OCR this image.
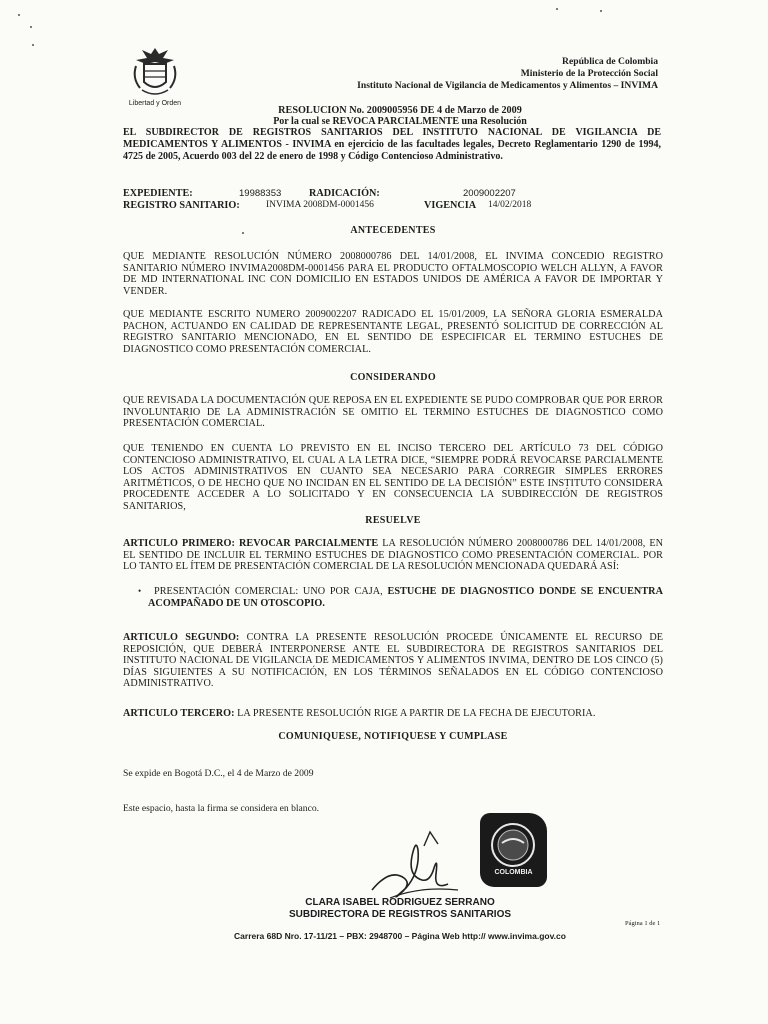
Libertad y Orden
República de Colombia
Ministerio de la Protección Social
Instituto Nacional de Vigilancia de Medicamentos y Alimentos – INVIMA
RESOLUCION No. 2009005956 DE 4 de Marzo de 2009
Por la cual se REVOCA PARCIALMENTE una Resolución
EL SUBDIRECTOR DE REGISTROS SANITARIOS DEL INSTITUTO NACIONAL DE VIGILANCIA DE MEDICAMENTOS Y ALIMENTOS - INVIMA en ejercicio de las facultades legales, Decreto Reglamentario 1290 de 1994, 4725 de 2005, Acuerdo 003 del 22 de enero de 1998 y Código Contencioso Administrativo.
EXPEDIENTE:	19988353	RADICACIÓN:	2009002207
REGISTRO SANITARIO:	INVIMA 2008DM-0001456	VIGENCIA 14/02/2018
ANTECEDENTES
QUE MEDIANTE RESOLUCIÓN NÚMERO 2008000786 DEL 14/01/2008, EL INVIMA CONCEDIO REGISTRO SANITARIO NÚMERO INVIMA2008DM-0001456 PARA EL PRODUCTO OFTALMOSCOPIO WELCH ALLYN, A FAVOR DE MD INTERNATIONAL INC CON DOMICILIO EN ESTADOS UNIDOS DE AMÉRICA A FAVOR DE IMPORTAR Y VENDER.
QUE MEDIANTE ESCRITO NUMERO 2009002207 RADICADO EL 15/01/2009, LA SEÑORA GLORIA ESMERALDA PACHON, ACTUANDO EN CALIDAD DE REPRESENTANTE LEGAL, PRESENTÓ SOLICITUD DE CORRECCIÓN AL REGISTRO SANITARIO MENCIONADO, EN EL SENTIDO DE ESPECIFICAR EL TERMINO ESTUCHES DE DIAGNOSTICO COMO PRESENTACIÓN COMERCIAL.
CONSIDERANDO
QUE REVISADA LA DOCUMENTACIÓN QUE REPOSA EN EL EXPEDIENTE SE PUDO COMPROBAR QUE POR ERROR INVOLUNTARIO DE LA ADMINISTRACIÓN SE OMITIO EL TERMINO ESTUCHES DE DIAGNOSTICO COMO PRESENTACIÓN COMERCIAL.
QUE TENIENDO EN CUENTA LO PREVISTO EN EL INCISO TERCERO DEL ARTÍCULO 73 DEL CÓDIGO CONTENCIOSO ADMINISTRATIVO, EL CUAL A LA LETRA DICE, “SIEMPRE PODRÁ REVOCARSE PARCIALMENTE LOS ACTOS ADMINISTRATIVOS EN CUANTO SEA NECESARIO PARA CORREGIR SIMPLES ERRORES ARITMÉTICOS, O DE HECHO QUE NO INCIDAN EN EL SENTIDO DE LA DECISIÓN” ESTE INSTITUTO CONSIDERA PROCEDENTE ACCEDER A LO SOLICITADO Y EN CONSECUENCIA LA SUBDIRECCIÓN DE REGISTROS SANITARIOS,
RESUELVE
ARTICULO PRIMERO: REVOCAR PARCIALMENTE LA RESOLUCIÓN NÚMERO 2008000786 DEL 14/01/2008, EN EL SENTIDO DE INCLUIR EL TERMINO ESTUCHES DE DIAGNOSTICO COMO PRESENTACIÓN COMERCIAL. POR LO TANTO EL ÍTEM DE PRESENTACIÓN COMERCIAL DE LA RESOLUCIÓN MENCIONADA QUEDARÁ ASÍ:
• PRESENTACIÓN COMERCIAL: UNO POR CAJA, ESTUCHE DE DIAGNOSTICO DONDE SE ENCUENTRA ACOMPAÑADO DE UN OTOSCOPIO.
ARTICULO SEGUNDO: CONTRA LA PRESENTE RESOLUCIÓN PROCEDE ÚNICAMENTE EL RECURSO DE REPOSICIÓN, QUE DEBERÁ INTERPONERSE ANTE EL SUBDIRECTORA DE REGISTROS SANITARIOS DEL INSTITUTO NACIONAL DE VIGILANCIA DE MEDICAMENTOS Y ALIMENTOS INVIMA, DENTRO DE LOS CINCO (5) DÍAS SIGUIENTES A SU NOTIFICACIÓN, EN LOS TÉRMINOS SEÑALADOS EN EL CÓDIGO CONTENCIOSO ADMINISTRATIVO.
ARTICULO TERCERO: LA PRESENTE RESOLUCIÓN RIGE A PARTIR DE LA FECHA DE EJECUTORIA.
COMUNIQUESE, NOTIFIQUESE Y CUMPLASE
Se expide en Bogotá D.C., el 4 de Marzo de 2009
Este espacio, hasta la firma se considera en blanco.
COLOMBIA
CLARA ISABEL RODRIGUEZ SERRANO
SUBDIRECTORA DE REGISTROS SANITARIOS
Carrera 68D Nro. 17-11/21 – PBX: 2948700 – Página Web http:// www.invima.gov.co
Página 1 de 1
